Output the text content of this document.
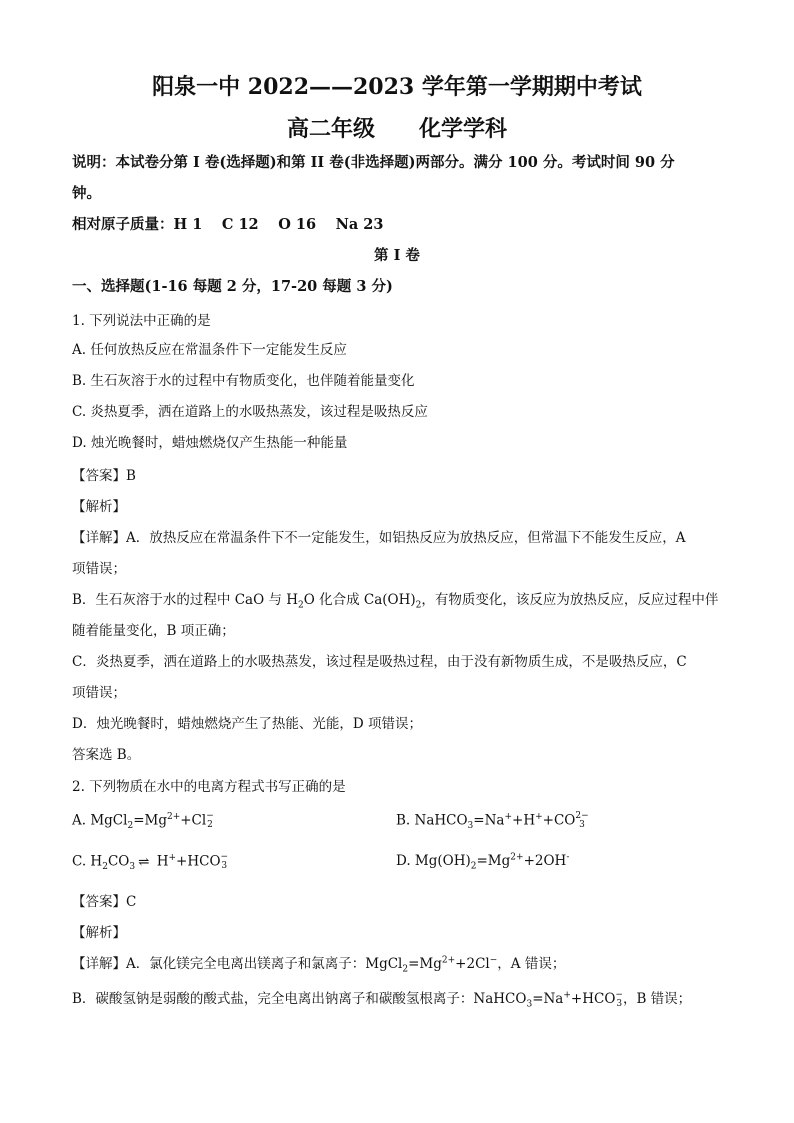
阳泉一中 2022——2023 学年第一学期期中考试
高二年级　　化学学科
说明：本试卷分第 I 卷(选择题)和第 II 卷(非选择题)两部分。满分 100 分。考试时间 90 分
钟。
相对原子质量：H 1　 C 12　 O 16　 Na 23
第 I 卷
一、选择题(1-16 每题 2 分，17-20 每题 3 分)
1. 下列说法中正确的是
A. 任何放热反应在常温条件下一定能发生反应
B. 生石灰溶于水的过程中有物质变化，也伴随着能量变化
C. 炎热夏季，洒在道路上的水吸热蒸发，该过程是吸热反应
D. 烛光晚餐时，蜡烛燃烧仅产生热能一种能量
【答案】B
【解析】
【详解】A．放热反应在常温条件下不一定能发生，如铝热反应为放热反应，但常温下不能发生反应，A
项错误；
B．生石灰溶于水的过程中 CaO 与 $H_2O$ 化合成 $Ca(OH)_2$，有物质变化，该反应为放热反应，反应过程中伴
随着能量变化，B 项正确；
C．炎热夏季，洒在道路上的水吸热蒸发，该过程是吸热过程，由于没有新物质生成，不是吸热反应，C
项错误；
D．烛光晚餐时，蜡烛燃烧产生了热能、光能，D 项错误；
答案选 B。
2. 下列物质在水中的电离方程式书写正确的是
A. $MgCl_2=Mg^{2+}+Cl$ −
2	B. NaHCO$_3$=Na++H++CO 2−
3
C. $H_2CO_3$ ⇌ H++HCO −
3	D. $Mg(OH)_2=Mg^{2+}+2OH^-$
【答案】C
【解析】
【详解】A．氯化镁完全电离出镁离子和氯离子：$MgCl_2=Mg^{2+}+2Cl^-$，A 错误；
B．碳酸氢钠是弱酸的酸式盐，完全电离出钠离子和碳酸氢根离子：NaHCO$_3$=Na++HCO −
3 ，B 错误；
